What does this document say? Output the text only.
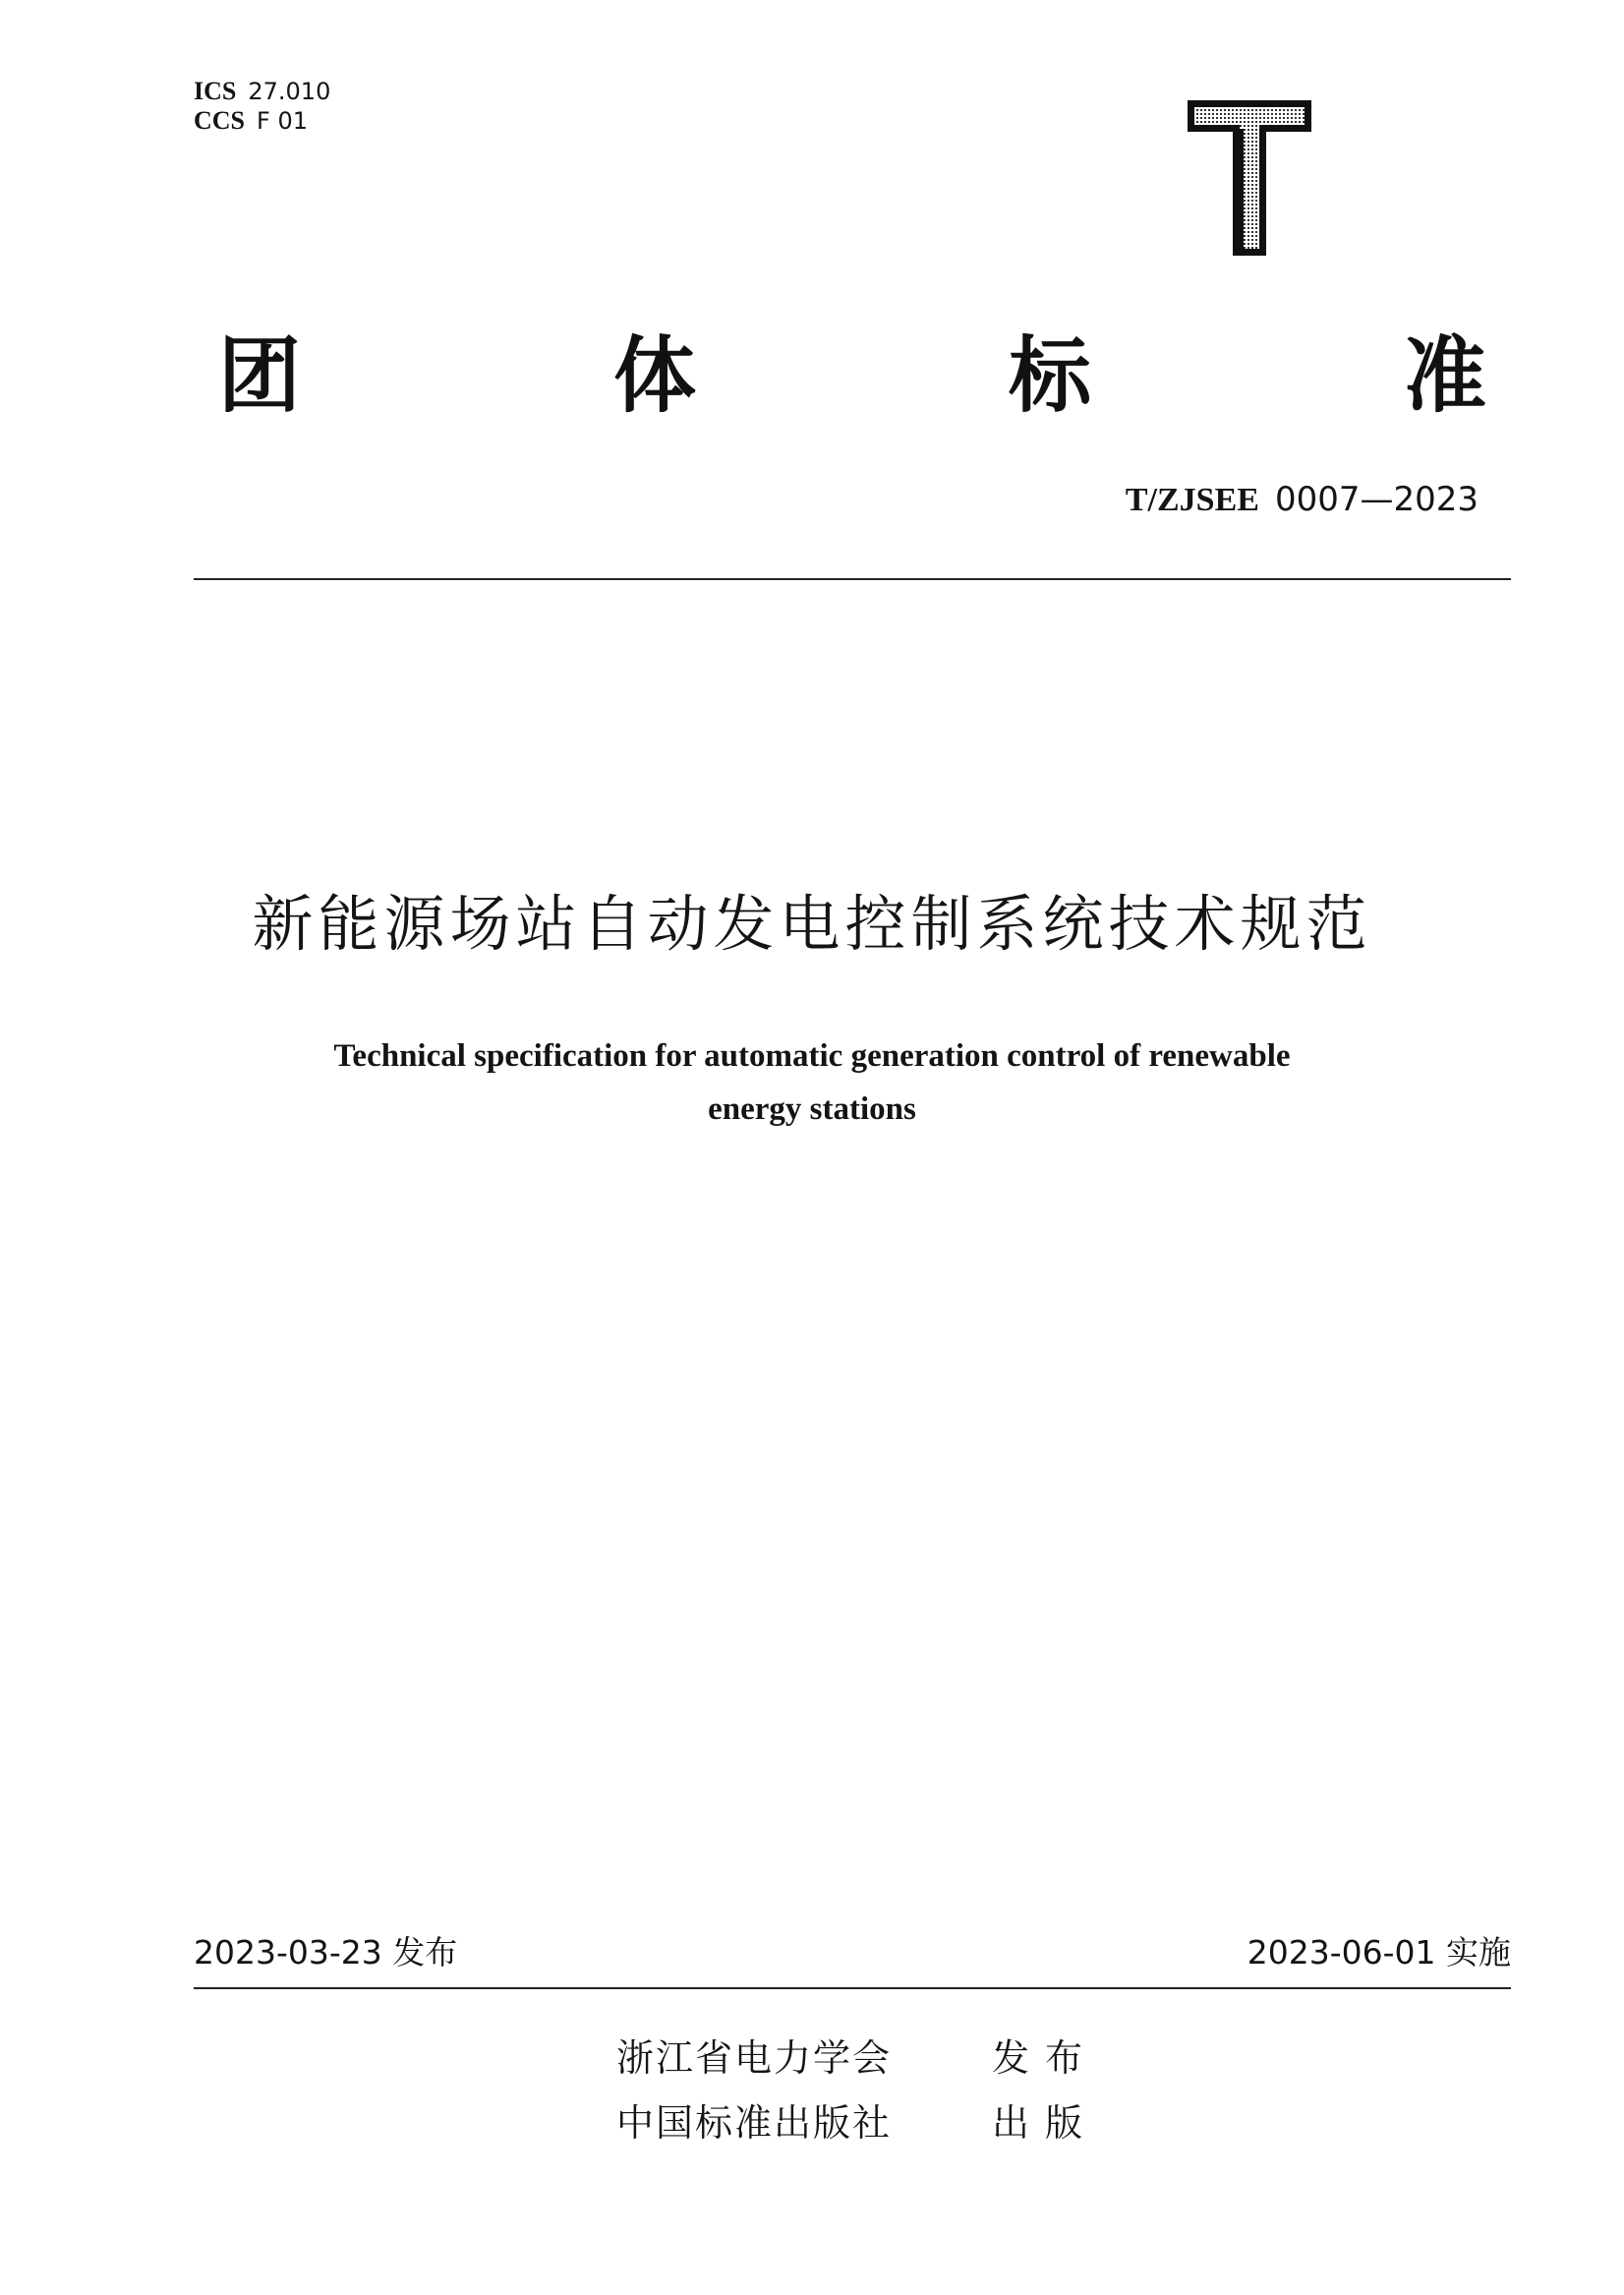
ICS 27.010
CCS F 01
团	体	标	准
T/ZJSEE 0007—2023
新能源场站自动发电控制系统技术规范
Technical specification for automatic generation control of renewable
energy stations
2023-03-23 发布	2023-06-01 实施
浙江省电力学会	发布
中国标准出版社	出版
